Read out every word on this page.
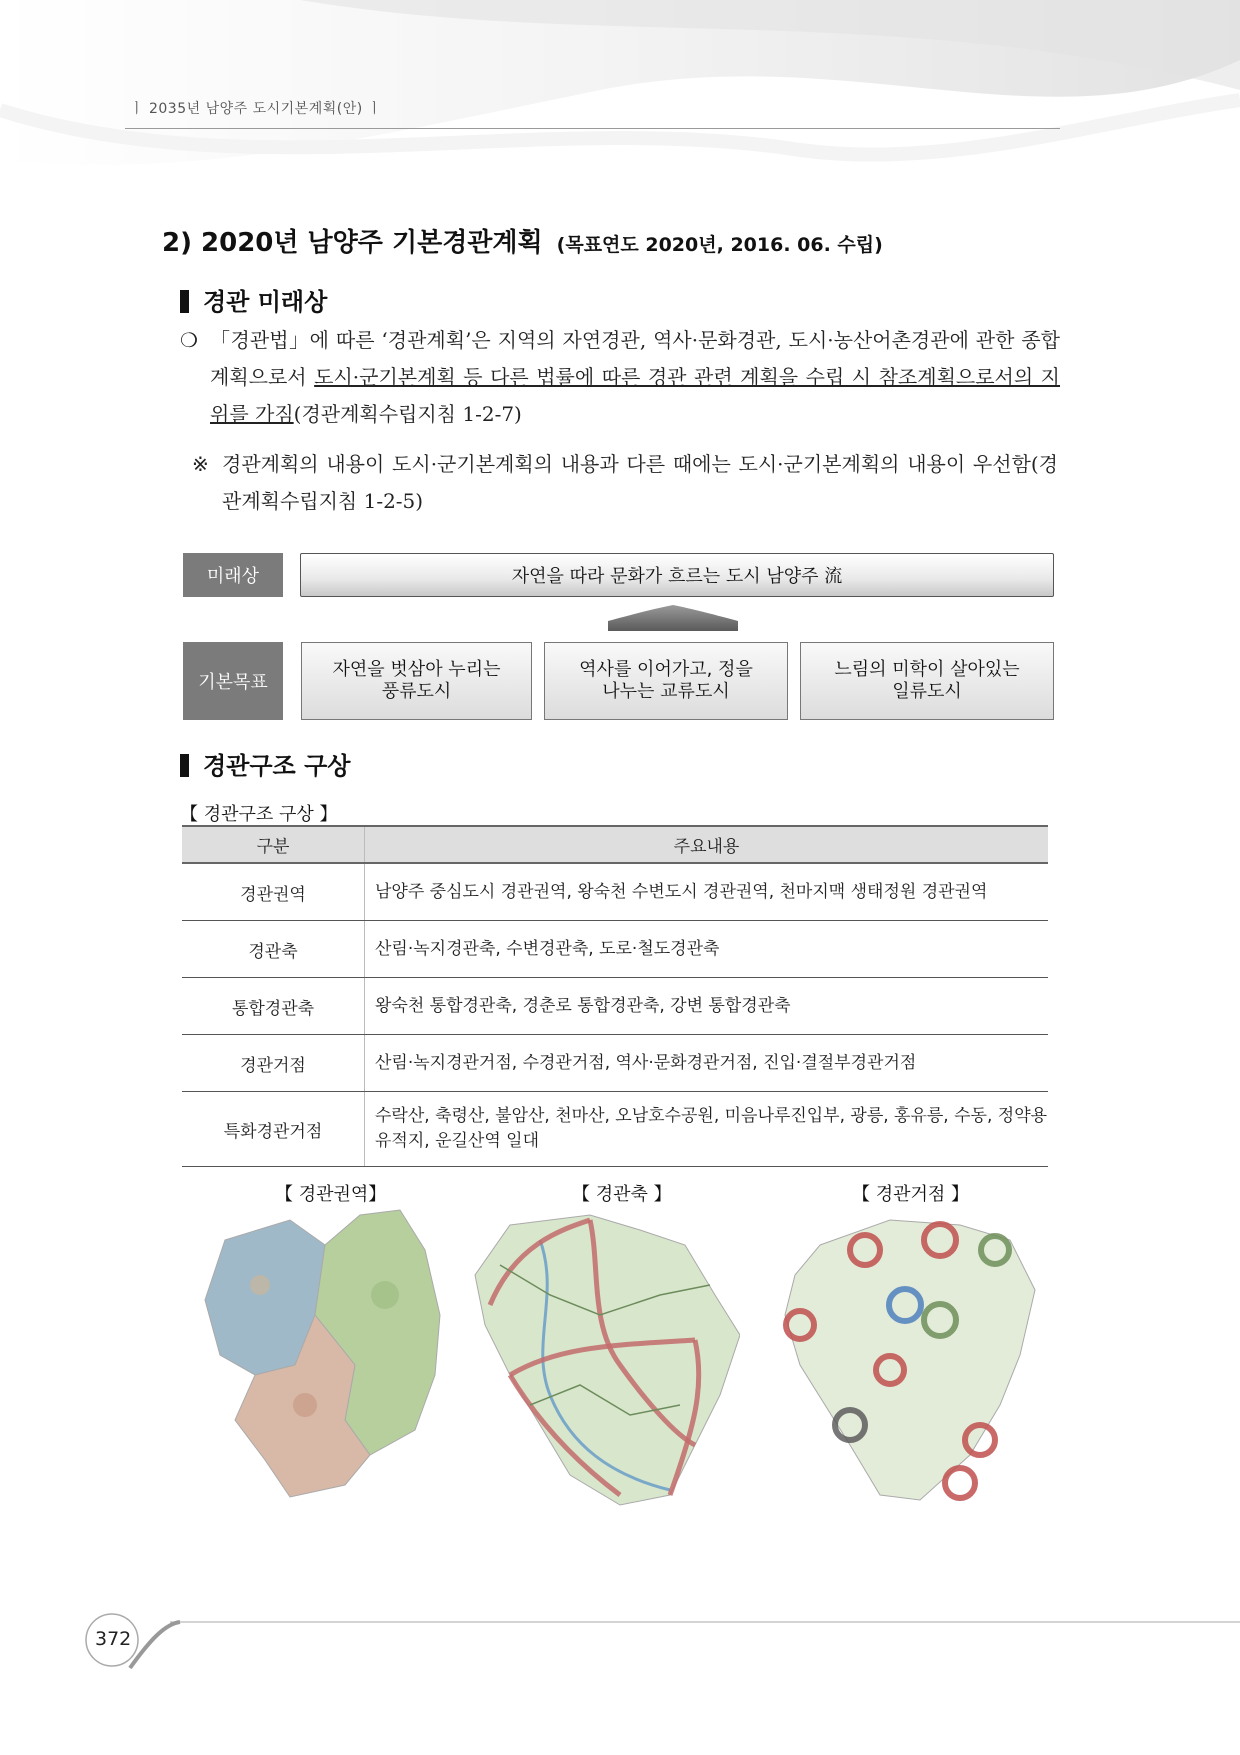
ㅣ 2035년 남양주 도시기본계획(안) ㅣ
2) 2020년 남양주 기본경관계획 (목표연도 2020년, 2016. 06. 수립)
경관 미래상
❍ 「경관법」에 따른 ‘경관계획’은 지역의 자연경관, 역사·문화경관, 도시·농산어촌경관에 관한 종합계획으로서 도시·군기본계획 등 다른 법률에 따른 경관 관련 계획을 수립 시 참조계획으로서의 지위를 가짐(경관계획수립지침 1-2-7)
※ 경관계획의 내용이 도시·군기본계획의 내용과 다른 때에는 도시·군기본계획의 내용이 우선함(경관계획수립지침 1-2-5)
미래상	자연을 따라 문화가 흐르는 도시 남양주 流
기본목표
자연을 벗삼아 누리는
풍류도시
역사를 이어가고, 정을
나누는 교류도시
느림의 미학이 살아있는
일류도시
경관구조 구상
【 경관구조 구상 】
구분	주요내용
경관권역	남양주 중심도시 경관권역, 왕숙천 수변도시 경관권역, 천마지맥 생태정원 경관권역
경관축	산림·녹지경관축, 수변경관축, 도로·철도경관축
통합경관축	왕숙천 통합경관축, 경춘로 통합경관축, 강변 통합경관축
경관거점	산림·녹지경관거점, 수경관거점, 역사·문화경관거점, 진입·결절부경관거점
특화경관거점	수락산, 축령산, 불암산, 천마산, 오남호수공원, 미음나루진입부, 광릉, 홍유릉, 수동, 정약용유적지, 운길산역 일대
【 경관권역】	【 경관축 】	【 경관거점 】
372
